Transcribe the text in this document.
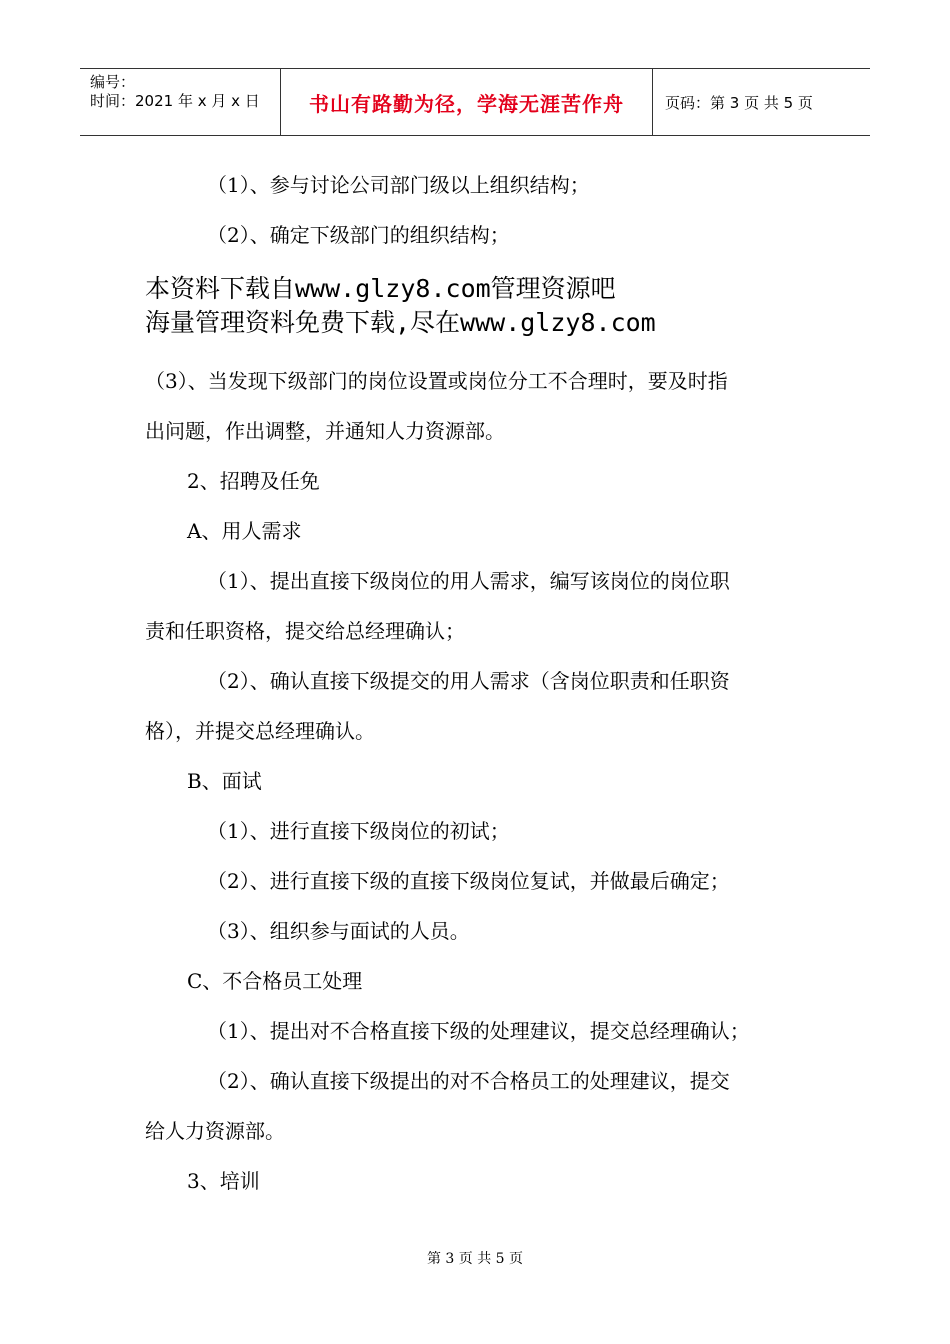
编号：
时间：2021 年 x 月 x 日	书山有路勤为径，学海无涯苦作舟	页码：第 3 页 共 5 页

（1）、参与讨论公司部门级以上组织结构；

（2）、确定下级部门的组织结构；

本资料下载自www.glzy8.com管理资源吧

海量管理资料免费下载,尽在www.glzy8.com

（3）、当发现下级部门的岗位设置或岗位分工不合理时，要及时指

出问题，作出调整，并通知人力资源部。

2、招聘及任免

A、用人需求

（1）、提出直接下级岗位的用人需求，编写该岗位的岗位职

责和任职资格，提交给总经理确认；

（2）、确认直接下级提交的用人需求（含岗位职责和任职资

格），并提交总经理确认。

B、面试

（1）、进行直接下级岗位的初试；

（2）、进行直接下级的直接下级岗位复试，并做最后确定；

（3）、组织参与面试的人员。

C、不合格员工处理

（1）、提出对不合格直接下级的处理建议，提交总经理确认；

（2）、确认直接下级提出的对不合格员工的处理建议，提交

给人力资源部。

3、培训

第 3 页 共 5 页
